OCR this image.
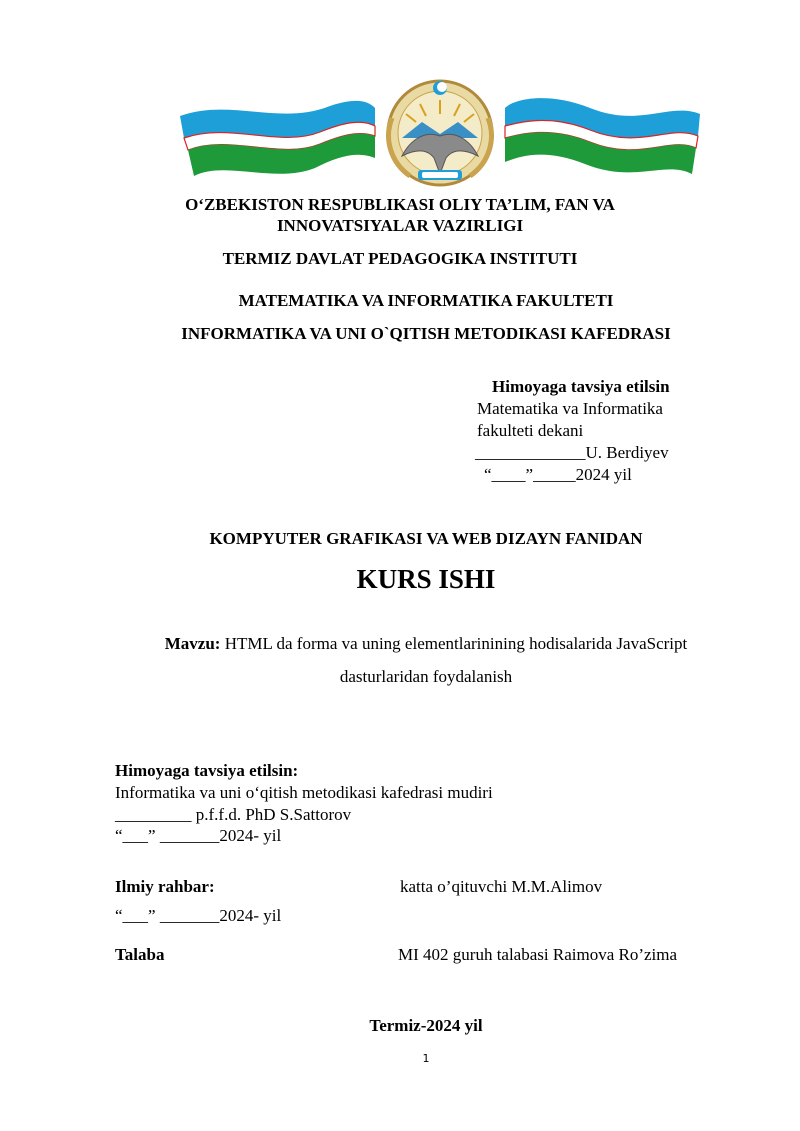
O‘ZBEKISTON RESPUBLIKASI OLIY TA’LIM, FAN VA
INNOVATSIYALAR VAZIRLIGI
TERMIZ DAVLAT PEDAGOGIKA INSTITUTI
MATEMATIKA VA INFORMATIKA FAKULTETI
INFORMATIKA VA UNI O`QITISH METODIKASI KAFEDRASI
Himoyaga tavsiya etilsin
Matematika va Informatika
fakulteti dekani
_____________U. Berdiyev
“____”_____2024 yil
KOMPYUTER GRAFIKASI VA WEB DIZAYN FANIDAN
KURS ISHI
Mavzu: HTML da forma va uning elementlarinining hodisalarida JavaScript
dasturlaridan foydalanish
Himoyaga tavsiya etilsin:
Informatika va uni o‘qitish metodikasi kafedrasi mudiri
_________ p.f.f.d. PhD S.Sattorov
“___” _______2024- yil
Ilmiy rahbar:	katta o’qituvchi M.M.Alimov
“___” _______2024- yil
Talaba	MI 402 guruh talabasi Raimova Ro’zima
Termiz-2024 yil
1
